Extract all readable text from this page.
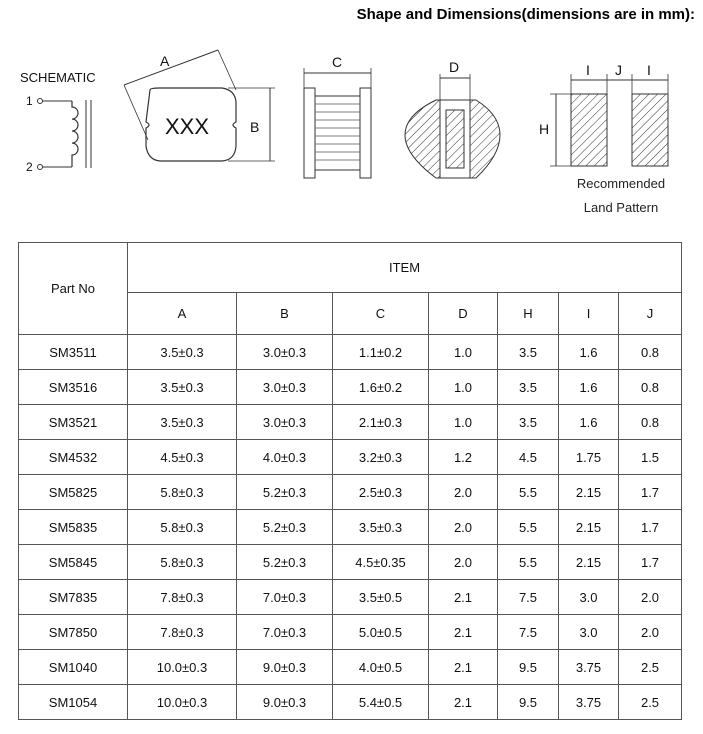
Shape and Dimensions(dimensions are in mm):
SCHEMATIC
1
2
XXX
A
B
C	D	I J I
H
Recommended
Land Pattern
Part No	ITEM						
	A	B	C	D	H	I	J
SM3511	3.5±0.3	3.0±0.3	1.1±0.2	1.0	3.5	1.6	0.8
SM3516	3.5±0.3	3.0±0.3	1.6±0.2	1.0	3.5	1.6	0.8
SM3521	3.5±0.3	3.0±0.3	2.1±0.3	1.0	3.5	1.6	0.8
SM4532	4.5±0.3	4.0±0.3	3.2±0.3	1.2	4.5	1.75	1.5
SM5825	5.8±0.3	5.2±0.3	2.5±0.3	2.0	5.5	2.15	1.7
SM5835	5.8±0.3	5.2±0.3	3.5±0.3	2.0	5.5	2.15	1.7
SM5845	5.8±0.3	5.2±0.3	4.5±0.35	2.0	5.5	2.15	1.7
SM7835	7.8±0.3	7.0±0.3	3.5±0.5	2.1	7.5	3.0	2.0
SM7850	7.8±0.3	7.0±0.3	5.0±0.5	2.1	7.5	3.0	2.0
SM1040	10.0±0.3	9.0±0.3	4.0±0.5	2.1	9.5	3.75	2.5
SM1054	10.0±0.3	9.0±0.3	5.4±0.5	2.1	9.5	3.75	2.5
